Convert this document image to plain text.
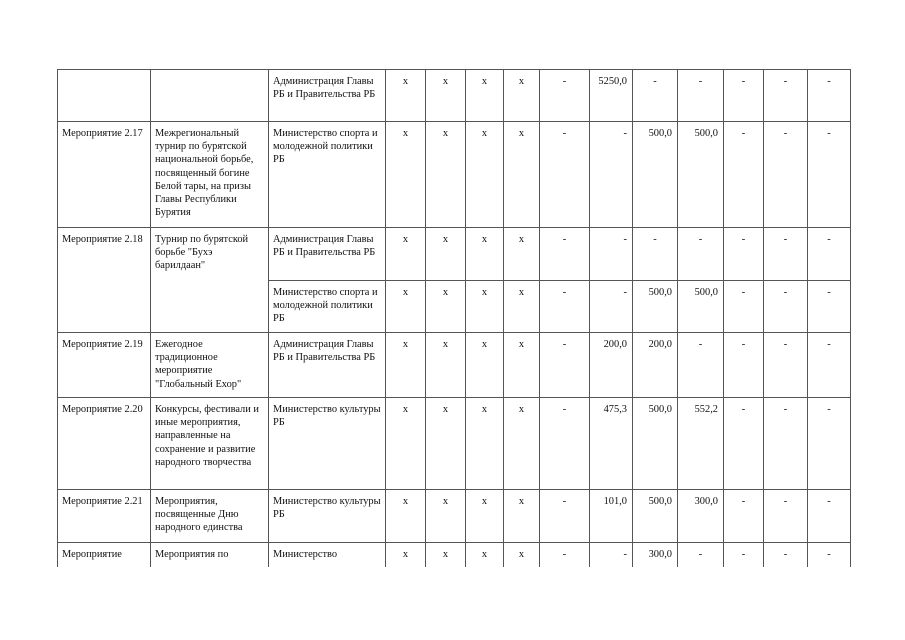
		Администрация Главы РБ и Правительства РБ	х	х	х	х	-	5250,0	-	-	-	-	-
Мероприятие 2.17	Межрегиональный турнир по бурятской национальной борьбе, посвященный богине Белой тары, на призы Главы Республики Бурятия	Министерство спорта и молодежной политики РБ	х	х	х	х	-	-	500,0	500,0	-	-	-
Мероприятие 2.18	Турнир по бурятской борьбе "Бухэ барилдаан"	Администрация Главы РБ и Правительства РБ	х	х	х	х	-	-	-	-	-	-	-
		Министерство спорта и молодежной политики РБ	х	х	х	х	-	-	500,0	500,0	-	-	-
Мероприятие 2.19	Ежегодное традиционное мероприятие "Глобальный Ехор"	Администрация Главы РБ и Правительства РБ	х	х	х	х	-	200,0	200,0	-	-	-	-
Мероприятие 2.20	Конкурсы, фестивали и иные мероприятия, направленные на сохранение и развитие народного творчества	Министерство культуры РБ	х	х	х	х	-	475,3	500,0	552,2	-	-	-
Мероприятие 2.21	Мероприятия, посвященные Дню народного единства	Министерство культуры РБ	х	х	х	х	-	101,0	500,0	300,0	-	-	-
Мероприятие	Мероприятия по	Министерство	х	х	х	х	-	-	300,0	-	-	-	-
